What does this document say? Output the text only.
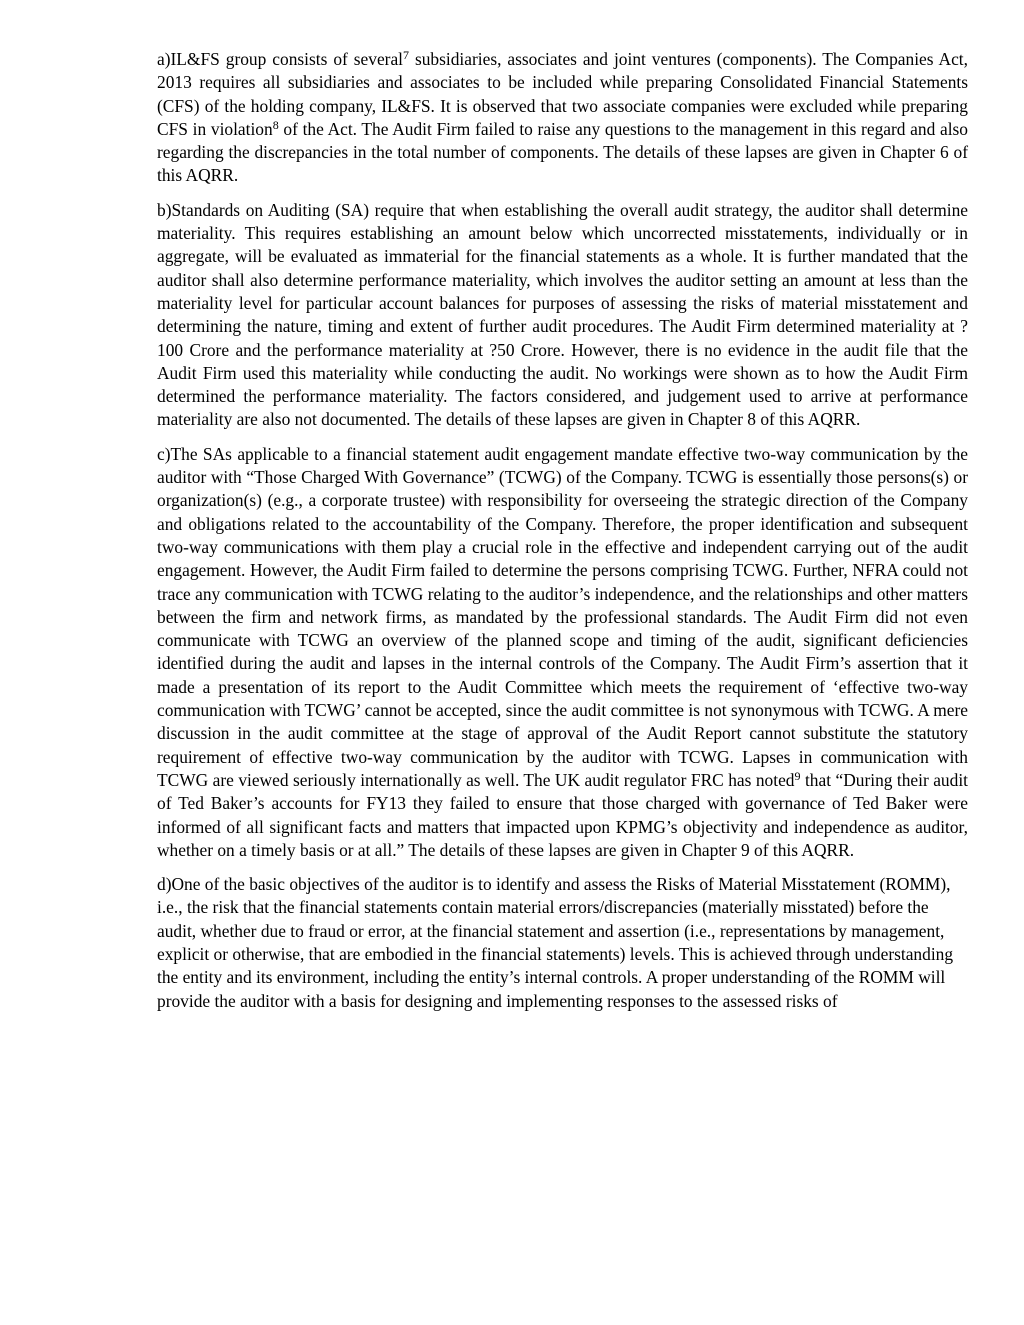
a)IL&FS group consists of several$^7$ subsidiaries, associates and joint ventures (components). The Companies Act, 2013 requires all subsidiaries and associates to be included while preparing Consolidated Financial Statements (CFS) of the holding company, IL&FS. It is observed that two associate companies were excluded while preparing CFS in violation$^8$ of the Act. The Audit Firm failed to raise any questions to the management in this regard and also regarding the discrepancies in the total number of components. The details of these lapses are given in Chapter 6 of this AQRR.

b)Standards on Auditing (SA) require that when establishing the overall audit strategy, the auditor shall determine materiality. This requires establishing an amount below which uncorrected misstatements, individually or in aggregate, will be evaluated as immaterial for the financial statements as a whole. It is further mandated that the auditor shall also determine performance materiality, which involves the auditor setting an amount at less than the materiality level for particular account balances for purposes of assessing the risks of material misstatement and determining the nature, timing and extent of further audit procedures. The Audit Firm determined materiality at ?100 Crore and the performance materiality at ?50 Crore. However, there is no evidence in the audit file that the Audit Firm used this materiality while conducting the audit. No workings were shown as to how the Audit Firm determined the performance materiality. The factors considered, and judgement used to arrive at performance materiality are also not documented. The details of these lapses are given in Chapter 8 of this AQRR.

c)The SAs applicable to a financial statement audit engagement mandate effective two-way communication by the auditor with “Those Charged With Governance” (TCWG) of the Company. TCWG is essentially those persons(s) or organization(s) (e.g., a corporate trustee) with responsibility for overseeing the strategic direction of the Company and obligations related to the accountability of the Company. Therefore, the proper identification and subsequent two-way communications with them play a crucial role in the effective and independent carrying out of the audit engagement. However, the Audit Firm failed to determine the persons comprising TCWG. Further, NFRA could not trace any communication with TCWG relating to the auditor’s independence, and the relationships and other matters between the firm and network firms, as mandated by the professional standards. The Audit Firm did not even communicate with TCWG an overview of the planned scope and timing of the audit, significant deficiencies identified during the audit and lapses in the internal controls of the Company. The Audit Firm’s assertion that it made a presentation of its report to the Audit Committee which meets the requirement of ‘effective two-way communication with TCWG’ cannot be accepted, since the audit committee is not synonymous with TCWG. A mere discussion in the audit committee at the stage of approval of the Audit Report cannot substitute the statutory requirement of effective two-way communication by the auditor with TCWG. Lapses in communication with TCWG are viewed seriously internationally as well. The UK audit regulator FRC has noted$^9$ that “During their audit of Ted Baker’s accounts for FY13 they failed to ensure that those charged with governance of Ted Baker were informed of all significant facts and matters that impacted upon KPMG’s objectivity and independence as auditor, whether on a timely basis or at all.” The details of these lapses are given in Chapter 9 of this AQRR.

d)One of the basic objectives of the auditor is to identify and assess the Risks of Material Misstatement (ROMM), i.e., the risk that the financial statements contain material errors/discrepancies (materially misstated) before the audit, whether due to fraud or error, at the financial statement and assertion (i.e., representations by management, explicit or otherwise, that are embodied in the financial statements) levels. This is achieved through understanding the entity and its environment, including the entity’s internal controls. A proper understanding of the ROMM will provide the auditor with a basis for designing and implementing responses to the assessed risks of
